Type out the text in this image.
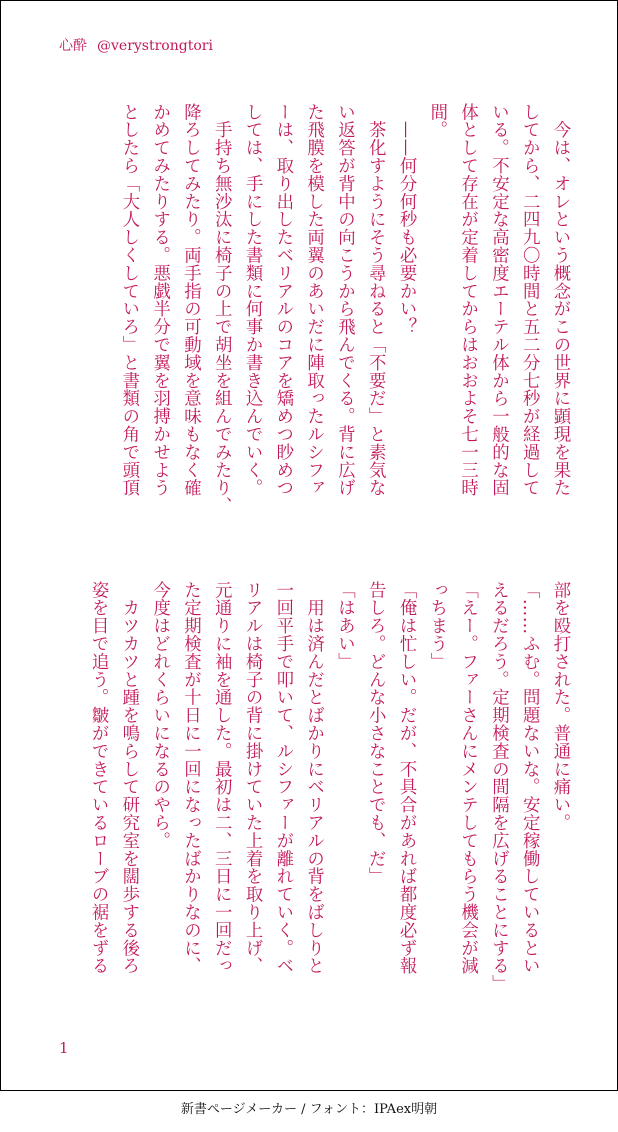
心酔 @verystrongtori
　今は、オレという概念がこの世界に顕現を果た
してから、二四九〇時間と五二分七秒が経過して
いる。不安定な高密度エーテル体から一般的な固
体として存在が定着してからはおおよそ七一三時
間。
　——何分何秒も必要かい？
　茶化すようにそう尋ねると「不要だ」と素気な
い返答が背中の向こうから飛んでくる。背に広げ
た飛膜を模した両翼のあいだに陣取ったルシファ
ーは、取り出したベリアルのコアを矯めつ眇めつ
しては、手にした書類に何事か書き込んでいく。
　手持ち無沙汰に椅子の上で胡坐を組んでみたり、
降ろしてみたり。両手指の可動域を意味もなく確
かめてみたりする。悪戯半分で翼を羽搏かせよう
としたら「大人しくしていろ」と書類の角で頭頂
部を殴打された。普通に痛い。
「……ふむ。問題ないな。安定稼働しているとい
えるだろう。定期検査の間隔を広げることにする」
「えー。ファーさんにメンテしてもらう機会が減
っちまう」
「俺は忙しい。だが、不具合があれば都度必ず報
告しろ。どんな小さなことでも、だ」
「はあい」
　用は済んだとばかりにベリアルの背をばしりと
一回平手で叩いて、ルシファーが離れていく。ベ
リアルは椅子の背に掛けていた上着を取り上げ、
元通りに袖を通した。最初は二、三日に一回だっ
た定期検査が十日に一回になったばかりなのに、
今度はどれくらいになるのやら。
　カツカツと踵を鳴らして研究室を闊歩する後ろ
姿を目で追う。皺ができているローブの裾をずる
1
新書ページメーカー / フォント：IPAex明朝
